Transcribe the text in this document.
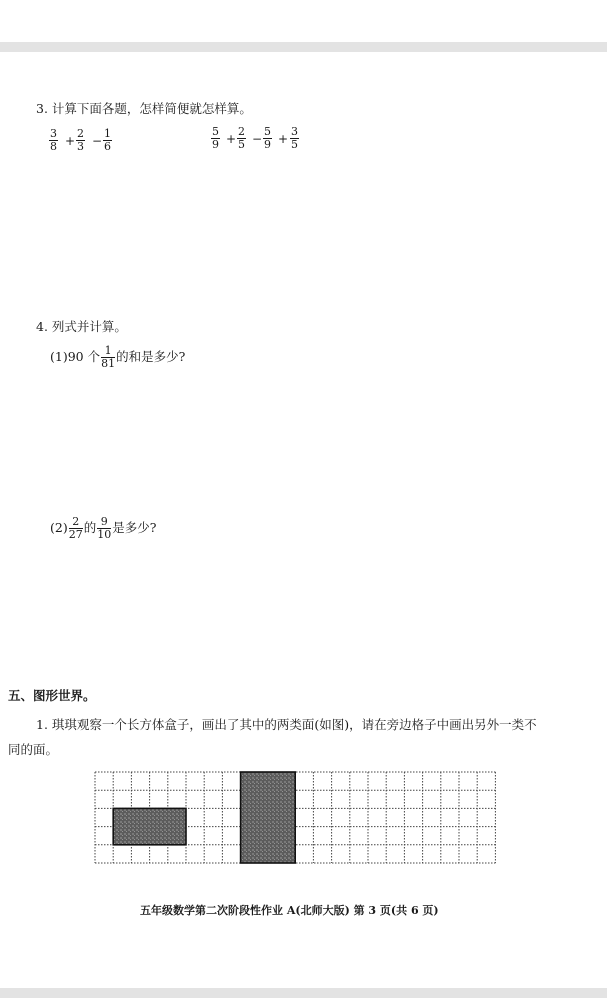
3. 计算下面各题，怎样简便就怎样算。
$\frac{3}{8} + \frac{2}{3} - \frac{1}{6}$	$\frac{5}{9} + \frac{2}{5} - \frac{5}{9} + \frac{3}{5}$
4. 列式并计算。
(1)90 个 $\frac{1}{81}$ 的和是多少?
$(2) \frac{2}{27}$ 的 $\frac{9}{10}$ 是多少?
五、图形世界。
1. 琪琪观察一个长方体盒子，画出了其中的两类面(如图)，请在旁边格子中画出另外一类不
同的面。
五年级数学第二次阶段性作业 A(北师大版) 第 3 页(共 6 页)
